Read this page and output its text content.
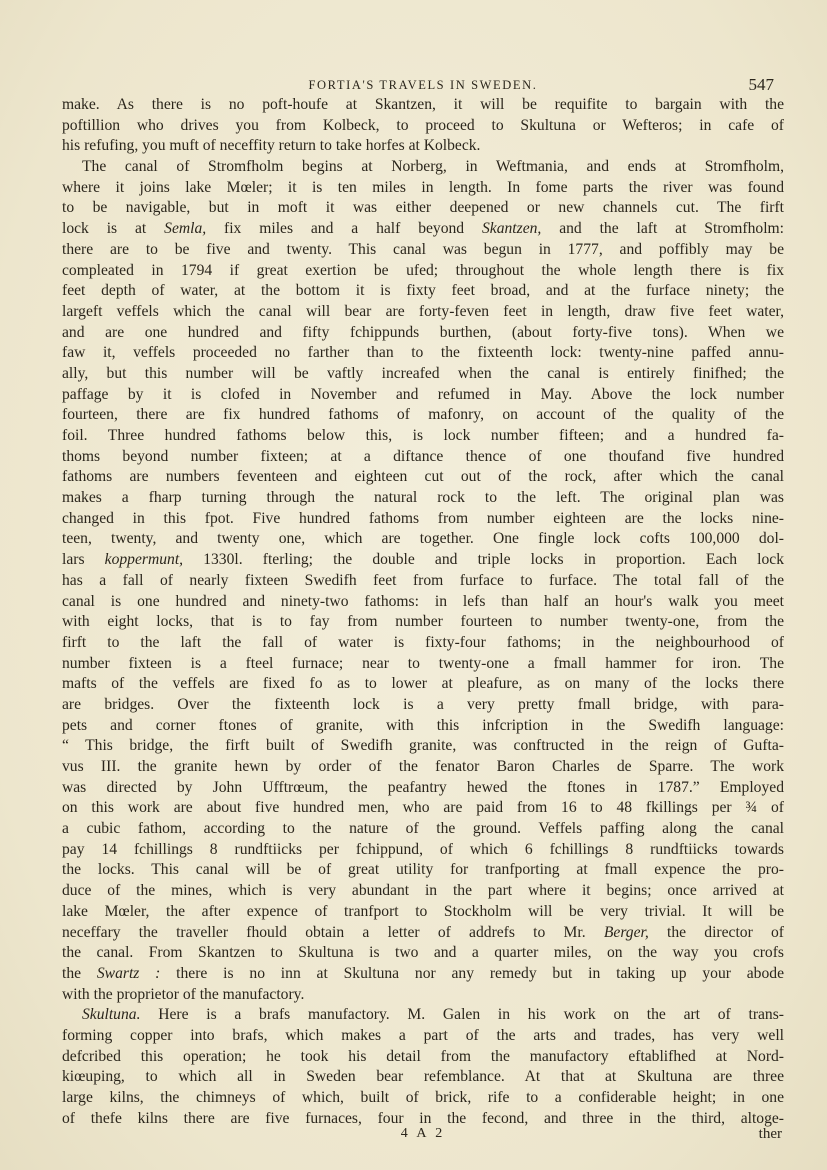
FORTIA'S TRAVELS IN SWEDEN.	547
make. As there is no poft-houfe at Skantzen, it will be requifite to bargain with the
poftillion who drives you from Kolbeck, to proceed to Skultuna or Wefteros; in cafe of
his refufing, you muft of neceffity return to take horfes at Kolbeck.
The canal of Stromfholm begins at Norberg, in Weftmania, and ends at Stromfholm,
where it joins lake Mœler; it is ten miles in length. In fome parts the river was found
to be navigable, but in moft it was either deepened or new channels cut. The firft
lock is at Semla, fix miles and a half beyond Skantzen, and the laft at Stromfholm:
there are to be five and twenty. This canal was begun in 1777, and poffibly may be
compleated in 1794 if great exertion be ufed; throughout the whole length there is fix
feet depth of water, at the bottom it is fixty feet broad, and at the furface ninety; the
largeft veffels which the canal will bear are forty-feven feet in length, draw five feet water,
and are one hundred and fifty fchippunds burthen, (about forty-five tons). When we
faw it, veffels proceeded no farther than to the fixteenth lock: twenty-nine paffed annu-
ally, but this number will be vaftly increafed when the canal is entirely finifhed; the
paffage by it is clofed in November and refumed in May. Above the lock number
fourteen, there are fix hundred fathoms of mafonry, on account of the quality of the
foil. Three hundred fathoms below this, is lock number fifteen; and a hundred fa-
thoms beyond number fixteen; at a diftance thence of one thoufand five hundred
fathoms are numbers feventeen and eighteen cut out of the rock, after which the canal
makes a fharp turning through the natural rock to the left. The original plan was
changed in this fpot. Five hundred fathoms from number eighteen are the locks nine-
teen, twenty, and twenty one, which are together. One fingle lock cofts 100,000 dol-
lars koppermunt, 1330l. fterling; the double and triple locks in proportion. Each lock
has a fall of nearly fixteen Swedifh feet from furface to furface. The total fall of the
canal is one hundred and ninety-two fathoms: in lefs than half an hour's walk you meet
with eight locks, that is to fay from number fourteen to number twenty-one, from the
firft to the laft the fall of water is fixty-four fathoms; in the neighbourhood of
number fixteen is a fteel furnace; near to twenty-one a fmall hammer for iron. The
mafts of the veffels are fixed fo as to lower at pleafure, as on many of the locks there
are bridges. Over the fixteenth lock is a very pretty fmall bridge, with para-
pets and corner ftones of granite, with this infcription in the Swedifh language:
“ This bridge, the firft built of Swedifh granite, was conftructed in the reign of Gufta-
vus III. the granite hewn by order of the fenator Baron Charles de Sparre. The work
was directed by John Ufftrœum, the peafantry hewed the ftones in 1787.” Employed
on this work are about five hundred men, who are paid from 16 to 48 fkillings per ¾ of
a cubic fathom, according to the nature of the ground. Veffels paffing along the canal
pay 14 fchillings 8 rundftiicks per fchippund, of which 6 fchillings 8 rundftiicks towards
the locks. This canal will be of great utility for tranfporting at fmall expence the pro-
duce of the mines, which is very abundant in the part where it begins; once arrived at
lake Mœler, the after expence of tranfport to Stockholm will be very trivial. It will be
neceffary the traveller fhould obtain a letter of addrefs to Mr. Berger, the director of
the canal. From Skantzen to Skultuna is two and a quarter miles, on the way you crofs
the Swartz : there is no inn at Skultuna nor any remedy but in taking up your abode
with the proprietor of the manufactory.
Skultuna. Here is a brafs manufactory. M. Galen in his work on the art of trans-
forming copper into brafs, which makes a part of the arts and trades, has very well
defcribed this operation; he took his detail from the manufactory eftablifhed at Nord-
kiœuping, to which all in Sweden bear refemblance. At that at Skultuna are three
large kilns, the chimneys of which, built of brick, rife to a confiderable height; in one
of thefe kilns there are five furnaces, four in the fecond, and three in the third, altoge-
4 A 2	ther
